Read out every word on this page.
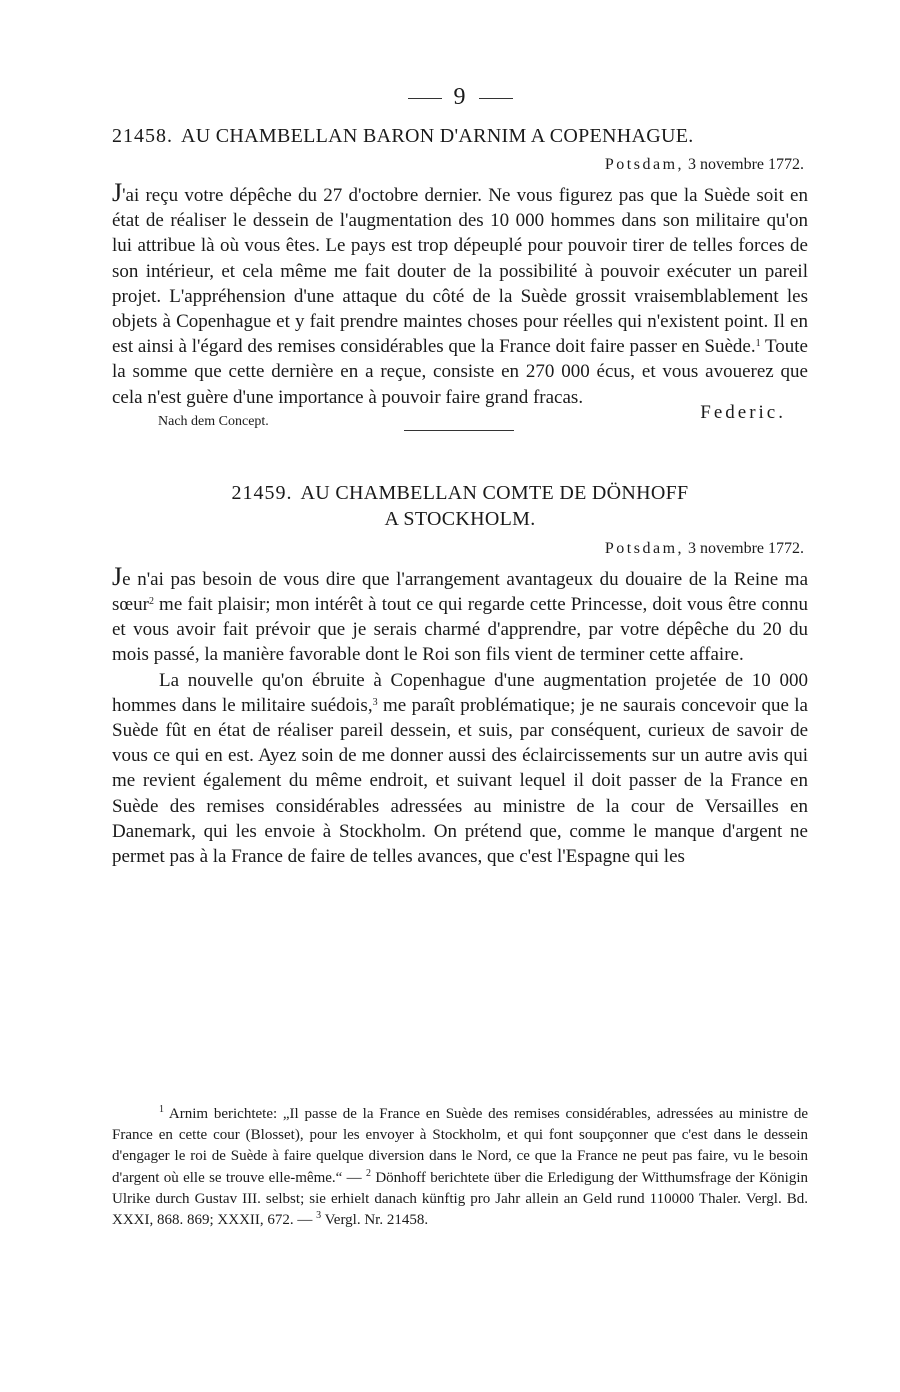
9

21458. AU CHAMBELLAN BARON D'ARNIM A COPENHAGUE.

Potsdam, 3 novembre 1772.

J'ai reçu votre dépêche du 27 d'octobre dernier. Ne vous figurez pas que la Suède soit en état de réaliser le dessein de l'augmentation des 10 000 hommes dans son militaire qu'on lui attribue là où vous êtes. Le pays est trop dépeuplé pour pouvoir tirer de telles forces de son intérieur, et cela même me fait douter de la possibilité à pouvoir exécuter un pareil projet. L'appréhension d'une attaque du côté de la Suède grossit vraisemblablement les objets à Copenhague et y fait prendre maintes choses pour réelles qui n'existent point. Il en est ainsi à l'égard des remises considérables que la France doit faire passer en Suède.$^1$ Toute la somme que cette dernière en a reçue, consiste en 270 000 écus, et vous avouerez que cela n'est guère d'une importance à pouvoir faire grand fracas.

Nach dem Concept.	Federic.

21459. AU CHAMBELLAN COMTE DE DÖNHOFF
A STOCKHOLM.

Potsdam, 3 novembre 1772.

Je n'ai pas besoin de vous dire que l'arrangement avantageux du douaire de la Reine ma sœur$^2$ me fait plaisir; mon intérêt à tout ce qui regarde cette Princesse, doit vous être connu et vous avoir fait prévoir que je serais charmé d'apprendre, par votre dépêche du 20 du mois passé, la manière favorable dont le Roi son fils vient de terminer cette affaire.

La nouvelle qu'on ébruite à Copenhague d'une augmentation projetée de 10 000 hommes dans le militaire suédois,$^3$ me paraît problématique; je ne saurais concevoir que la Suède fût en état de réaliser pareil dessein, et suis, par conséquent, curieux de savoir de vous ce qui en est. Ayez soin de me donner aussi des éclaircissements sur un autre avis qui me revient également du même endroit, et suivant lequel il doit passer de la France en Suède des remises considérables adressées au ministre de la cour de Versailles en Danemark, qui les envoie à Stockholm. On prétend que, comme le manque d'argent ne permet pas à la France de faire de telles avances, que c'est l'Espagne qui les

$^1$ Arnim berichtete: „Il passe de la France en Suède des remises considérables, adressées au ministre de France en cette cour (Blosset), pour les envoyer à Stockholm, et qui font soupçonner que c'est dans le dessein d'engager le roi de Suède à faire quelque diversion dans le Nord, ce que la France ne peut pas faire, vu le besoin d'argent où elle se trouve elle-même.“ — $^2$ Dönhoff berichtete über die Erledigung der Witthumsfrage der Königin Ulrike durch Gustav III. selbst; sie erhielt danach künftig pro Jahr allein an Geld rund 110000 Thaler. Vergl. Bd. XXXI, 868. 869; XXXII, 672. — $^3$ Vergl. Nr. 21458.
